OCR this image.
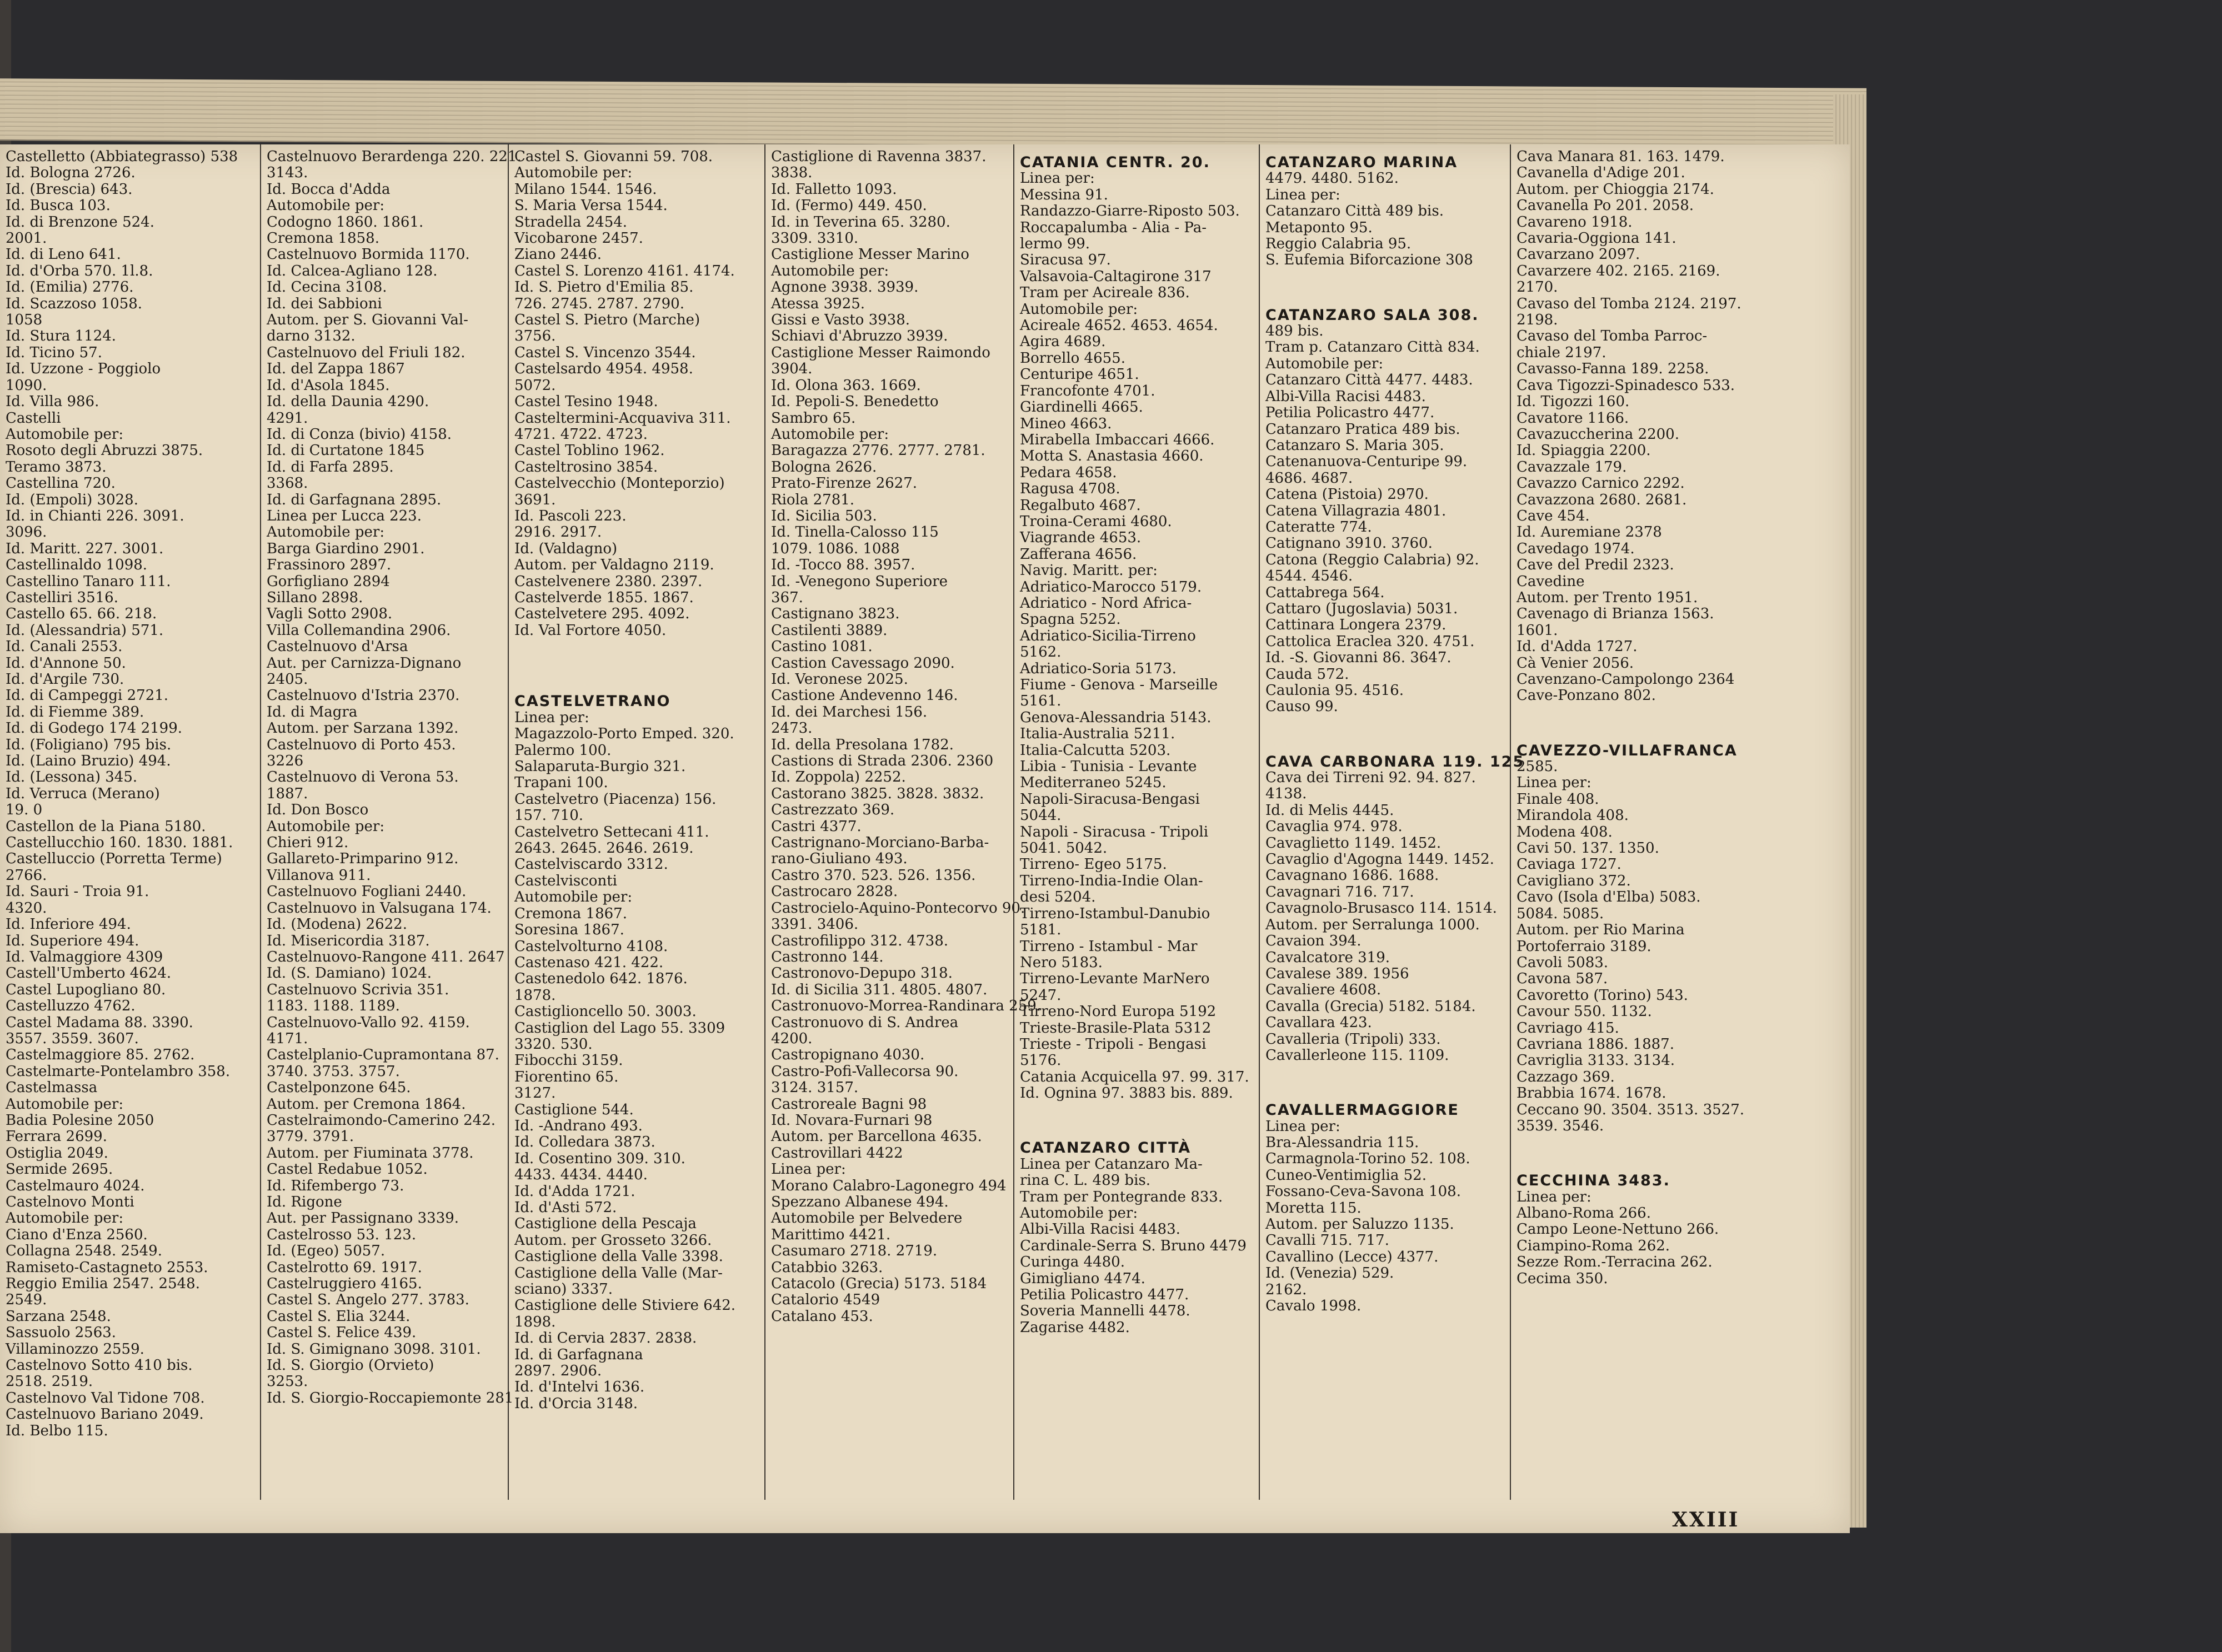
Castelletto (Abbiategrasso) 538
Id. Bologna 2726.
Id. (Brescia) 643.
Id. Busca 103.
Id. di Brenzone 524.
2001.
Id. di Leno 641.
Id. d'Orba 570. 1l.8.
Id. (Emilia) 2776.
Id. Scazzoso 1058.
1058
Id. Stura 1124.
Id. Ticino 57.
Id. Uzzone - Poggiolo
1090.
Id. Villa 986.
Castelli
Automobile per:
Rosoto degli Abruzzi 3875.
Teramo 3873.
Castellina 720.
Id. (Empoli) 3028.
Id. in Chianti 226. 3091.
3096.
Id. Maritt. 227. 3001.
Castellinaldo 1098.
Castellino Tanaro 111.
Castelliri 3516.
Castello 65. 66. 218.
Id. (Alessandria) 571.
Id. Canali 2553.
Id. d'Annone 50.
Id. d'Argile 730.
Id. di Campeggi 2721.
Id. di Fiemme 389.
Id. di Godego 174 2199.
Id. (Foligiano) 795 bis.
Id. (Laino Bruzio) 494.
Id. (Lessona) 345.
Id. Verruca (Merano)
19. 0
Castellon de la Piana 5180.
Castellucchio 160. 1830. 1881.
Castelluccio (Porretta Terme)
2766.
Id. Sauri - Troia 91.
4320.
Id. Inferiore 494.
Id. Superiore 494.
Id. Valmaggiore 4309
Castell'Umberto 4624.
Castel Lupogliano 80.
Castelluzzo 4762.
Castel Madama 88. 3390.
3557. 3559. 3607.
Castelmaggiore 85. 2762.
Castelmarte-Pontelambro 358.
Castelmassa
Automobile per:
Badia Polesine 2050
Ferrara 2699.
Ostiglia 2049.
Sermide 2695.
Castelmauro 4024.
Castelnovo Monti
Automobile per:
Ciano d'Enza 2560.
Collagna 2548. 2549.
Ramiseto-Castagneto 2553.
Reggio Emilia 2547. 2548.
2549.
Sarzana 2548.
Sassuolo 2563.
Villaminozzo 2559.
Castelnovo Sotto 410 bis.
2518. 2519.
Castelnovo Val Tidone 708.
Castelnuovo Bariano 2049.
Id. Belbo 115.
Castelnuovo Berardenga 220. 221.
3143.
Id. Bocca d'Adda
Automobile per:
Codogno 1860. 1861.
Cremona 1858.
Castelnuovo Bormida 1170.
Id. Calcea-Agliano 128.
Id. Cecina 3108.
Id. dei Sabbioni
Autom. per S. Giovanni Val-
darno 3132.
Castelnuovo del Friuli 182.
Id. del Zappa 1867
Id. d'Asola 1845.
Id. della Daunia 4290.
4291.
Id. di Conza (bivio) 4158.
Id. di Curtatone 1845
Id. di Farfa 2895.
3368.
Id. di Garfagnana 2895.
Linea per Lucca 223.
Automobile per:
Barga Giardino 2901.
Frassinoro 2897.
Gorfigliano 2894
Sillano 2898.
Vagli Sotto 2908.
Villa Collemandina 2906.
Castelnuovo d'Arsa
Aut. per Carnizza-Dignano
2405.
Castelnuovo d'Istria 2370.
Id. di Magra
Autom. per Sarzana 1392.
Castelnuovo di Porto 453.
3226
Castelnuovo di Verona 53.
1887.
Id. Don Bosco
Automobile per:
Chieri 912.
Gallareto-Primparino 912.
Villanova 911.
Castelnuovo Fogliani 2440.
Castelnuovo in Valsugana 174.
Id. (Modena) 2622.
Id. Misericordia 3187.
Castelnuovo-Rangone 411. 2647
Id. (S. Damiano) 1024.
Castelnuovo Scrivia 351.
1183. 1188. 1189.
Castelnuovo-Vallo 92. 4159.
4171.
Castelplanio-Cupramontana 87.
3740. 3753. 3757.
Castelponzone 645.
Autom. per Cremona 1864.
Castelraimondo-Camerino 242.
3779. 3791.
Autom. per Fiuminata 3778.
Castel Redabue 1052.
Id. Rifembergo 73.
Id. Rigone
Aut. per Passignano 3339.
Castelrosso 53. 123.
Id. (Egeo) 5057.
Castelrotto 69. 1917.
Castelruggiero 4165.
Castel S. Angelo 277. 3783.
Castel S. Elia 3244.
Castel S. Felice 439.
Id. S. Gimignano 3098. 3101.
Id. S. Giorgio (Orvieto)
3253.
Id. S. Giorgio-Roccapiemonte 281
Castel S. Giovanni 59. 708.
Automobile per:
Milano 1544. 1546.
S. Maria Versa 1544.
Stradella 2454.
Vicobarone 2457.
Ziano 2446.
Castel S. Lorenzo 4161. 4174.
Id. S. Pietro d'Emilia 85.
726. 2745. 2787. 2790.
Castel S. Pietro (Marche)
3756.
Castel S. Vincenzo 3544.
Castelsardo 4954. 4958.
5072.
Castel Tesino 1948.
Casteltermini-Acquaviva 311.
4721. 4722. 4723.
Castel Toblino 1962.
Casteltrosino 3854.
Castelvecchio (Monteporzio)
3691.
Id. Pascoli 223.
2916. 2917.
Id. (Valdagno)
Autom. per Valdagno 2119.
Castelvenere 2380. 2397.
Castelverde 1855. 1867.
Castelvetere 295. 4092.
Id. Val Fortore 4050.

CASTELVETRANO
Linea per:
Magazzolo-Porto Emped. 320.
Palermo 100.
Salaparuta-Burgio 321.
Trapani 100.
Castelvetro (Piacenza) 156.
157. 710.
Castelvetro Settecani 411.
2643. 2645. 2646. 2619.
Castelviscardo 3312.
Castelvisconti
Automobile per:
Cremona 1867.
Soresina 1867.
Castelvolturno 4108.
Castenaso 421. 422.
Castenedolo 642. 1876.
1878.
Castiglioncello 50. 3003.
Castiglion del Lago 55. 3309
3320. 530.
Fibocchi 3159.
Fiorentino 65.
3127.
Castiglione 544.
Id. -Andrano 493.
Id. Colledara 3873.
Id. Cosentino 309. 310.
4433. 4434. 4440.
Id. d'Adda 1721.
Id. d'Asti 572.
Castiglione della Pescaja
Autom. per Grosseto 3266.
Castiglione della Valle 3398.
Castiglione della Valle (Mar-
sciano) 3337.
Castiglione delle Stiviere 642.
1898.
Id. di Cervia 2837. 2838.
Id. di Garfagnana
2897. 2906.
Id. d'Intelvi 1636.
Id. d'Orcia 3148.
Castiglione di Ravenna 3837.
3838.
Id. Falletto 1093.
Id. (Fermo) 449. 450.
Id. in Teverina 65. 3280.
3309. 3310.
Castiglione Messer Marino
Automobile per:
Agnone 3938. 3939.
Atessa 3925.
Gissi e Vasto 3938.
Schiavi d'Abruzzo 3939.
Castiglione Messer Raimondo
3904.
Id. Olona 363. 1669.
Id. Pepoli-S. Benedetto
Sambro 65.
Automobile per:
Baragazza 2776. 2777. 2781.
Bologna 2626.
Prato-Firenze 2627.
Riola 2781.
Id. Sicilia 503.
Id. Tinella-Calosso 115
1079. 1086. 1088
Id. -Tocco 88. 3957.
Id. -Venegono Superiore
367.
Castignano 3823.
Castilenti 3889.
Castino 1081.
Castion Cavessago 2090.
Id. Veronese 2025.
Castione Andevenno 146.
Id. dei Marchesi 156.
2473.
Id. della Presolana 1782.
Castions di Strada 2306. 2360
Id. Zoppola) 2252.
Castorano 3825. 3828. 3832.
Castrezzato 369.
Castri 4377.
Castrignano-Morciano-Barba-
rano-Giuliano 493.
Castro 370. 523. 526. 1356.
Castrocaro 2828.
Castrocielo-Aquino-Pontecorvo 90.
3391. 3406.
Castrofilippo 312. 4738.
Castronno 144.
Castronovo-Depupo 318.
Id. di Sicilia 311. 4805. 4807.
Castronuovo-Morrea-Randinara 259.
Castronuovo di S. Andrea
4200.
Castropignano 4030.
Castro-Pofi-Vallecorsa 90.
3124. 3157.
Castroreale Bagni 98
Id. Novara-Furnari 98
Autom. per Barcellona 4635.
Castrovillari 4422
Linea per:
Morano Calabro-Lagonegro 494
Spezzano Albanese 494.
Automobile per Belvedere
Marittimo 4421.
Casumaro 2718. 2719.
Catabbio 3263.
Catacolo (Grecia) 5173. 5184
Catalorio 4549
Catalano 453.
CATANIA CENTR. 20.
Linea per:
Messina 91.
Randazzo-Giarre-Riposto 503.
Roccapalumba - Alia - Pa-
lermo 99.
Siracusa 97.
Valsavoia-Caltagirone 317
Tram per Acireale 836.
Automobile per:
Acireale 4652. 4653. 4654.
Agira 4689.
Borrello 4655.
Centuripe 4651.
Francofonte 4701.
Giardinelli 4665.
Mineo 4663.
Mirabella Imbaccari 4666.
Motta S. Anastasia 4660.
Pedara 4658.
Ragusa 4708.
Regalbuto 4687.
Troina-Cerami 4680.
Viagrande 4653.
Zafferana 4656.
Navig. Maritt. per:
Adriatico-Marocco 5179.
Adriatico - Nord Africa-
Spagna 5252.
Adriatico-Sicilia-Tirreno
5162.
Adriatico-Soria 5173.
Fiume - Genova - Marseille
5161.
Genova-Alessandria 5143.
Italia-Australia 5211.
Italia-Calcutta 5203.
Libia - Tunisia - Levante
Mediterraneo 5245.
Napoli-Siracusa-Bengasi
5044.
Napoli - Siracusa - Tripoli
5041. 5042.
Tirreno- Egeo 5175.
Tirreno-India-Indie Olan-
desi 5204.
Tirreno-Istambul-Danubio
5181.
Tirreno - Istambul - Mar
Nero 5183.
Tirreno-Levante MarNero
5247.
Tirreno-Nord Europa 5192
Trieste-Brasile-Plata 5312
Trieste - Tripoli - Bengasi
5176.
Catania Acquicella 97. 99. 317.
Id. Ognina 97. 3883 bis. 889.

CATANZARO CITTÀ
Linea per Catanzaro Ma-
rina C. L. 489 bis.
Tram per Pontegrande 833.
Automobile per:
Albi-Villa Racisi 4483.
Cardinale-Serra S. Bruno 4479
Curinga 4480.
Gimigliano 4474.
Petilia Policastro 4477.
Soveria Mannelli 4478.
Zagarise 4482.
CATANZARO MARINA
4479. 4480. 5162.
Linea per:
Catanzaro Città 489 bis.
Metaponto 95.
Reggio Calabria 95.
S. Eufemia Biforcazione 308

CATANZARO SALA 308.
489 bis.
Tram p. Catanzaro Città 834.
Automobile per:
Catanzaro Città 4477. 4483.
Albi-Villa Racisi 4483.
Petilia Policastro 4477.
Catanzaro Pratica 489 bis.
Catanzaro S. Maria 305.
Catenanuova-Centuripe 99.
4686. 4687.
Catena (Pistoia) 2970.
Catena Villagrazia 4801.
Cateratte 774.
Catignano 3910. 3760.
Catona (Reggio Calabria) 92.
4544. 4546.
Cattabrega 564.
Cattaro (Jugoslavia) 5031.
Cattinara Longera 2379.
Cattolica Eraclea 320. 4751.
Id. -S. Giovanni 86. 3647.
Cauda 572.
Caulonia 95. 4516.
Causo 99.

CAVA CARBONARA 119. 125
Cava dei Tirreni 92. 94. 827.
4138.
Id. di Melis 4445.
Cavaglia 974. 978.
Cavaglietto 1149. 1452.
Cavaglio d'Agogna 1449. 1452.
Cavagnano 1686. 1688.
Cavagnari 716. 717.
Cavagnolo-Brusasco 114. 1514.
Autom. per Serralunga 1000.
Cavaion 394.
Cavalcatore 319.
Cavalese 389. 1956
Cavaliere 4608.
Cavalla (Grecia) 5182. 5184.
Cavallara 423.
Cavalleria (Tripoli) 333.
Cavallerleone 115. 1109.

CAVALLERMAGGIORE
Linea per:
Bra-Alessandria 115.
Carmagnola-Torino 52. 108.
Cuneo-Ventimiglia 52.
Fossano-Ceva-Savona 108.
Moretta 115.
Autom. per Saluzzo 1135.
Cavalli 715. 717.
Cavallino (Lecce) 4377.
Id. (Venezia) 529.
2162.
Cavalo 1998.
Cava Manara 81. 163. 1479.
Cavanella d'Adige 201.
Autom. per Chioggia 2174.
Cavanella Po 201. 2058.
Cavareno 1918.
Cavaria-Oggiona 141.
Cavarzano 2097.
Cavarzere 402. 2165. 2169.
2170.
Cavaso del Tomba 2124. 2197.
2198.
Cavaso del Tomba Parroc-
chiale 2197.
Cavasso-Fanna 189. 2258.
Cava Tigozzi-Spinadesco 533.
Id. Tigozzi 160.
Cavatore 1166.
Cavazuccherina 2200.
Id. Spiaggia 2200.
Cavazzale 179.
Cavazzo Carnico 2292.
Cavazzona 2680. 2681.
Cave 454.
Id. Auremiane 2378
Cavedago 1974.
Cave del Predil 2323.
Cavedine
Autom. per Trento 1951.
Cavenago di Brianza 1563.
1601.
Id. d'Adda 1727.
Cà Venier 2056.
Cavenzano-Campolongo 2364
Cave-Ponzano 802.

CAVEZZO-VILLAFRANCA
2585.
Linea per:
Finale 408.
Mirandola 408.
Modena 408.
Cavi 50. 137. 1350.
Caviaga 1727.
Cavigliano 372.
Cavo (Isola d'Elba) 5083.
5084. 5085.
Autom. per Rio Marina
Portoferraio 3189.
Cavoli 5083.
Cavona 587.
Cavoretto (Torino) 543.
Cavour 550. 1132.
Cavriago 415.
Cavriana 1886. 1887.
Cavriglia 3133. 3134.
Cazzago 369.
Brabbia 1674. 1678.
Ceccano 90. 3504. 3513. 3527.
3539. 3546.

CECCHINA 3483.
Linea per:
Albano-Roma 266.
Campo Leone-Nettuno 266.
Ciampino-Roma 262.
Sezze Rom.-Terracina 262.
Cecima 350.
XXIII
